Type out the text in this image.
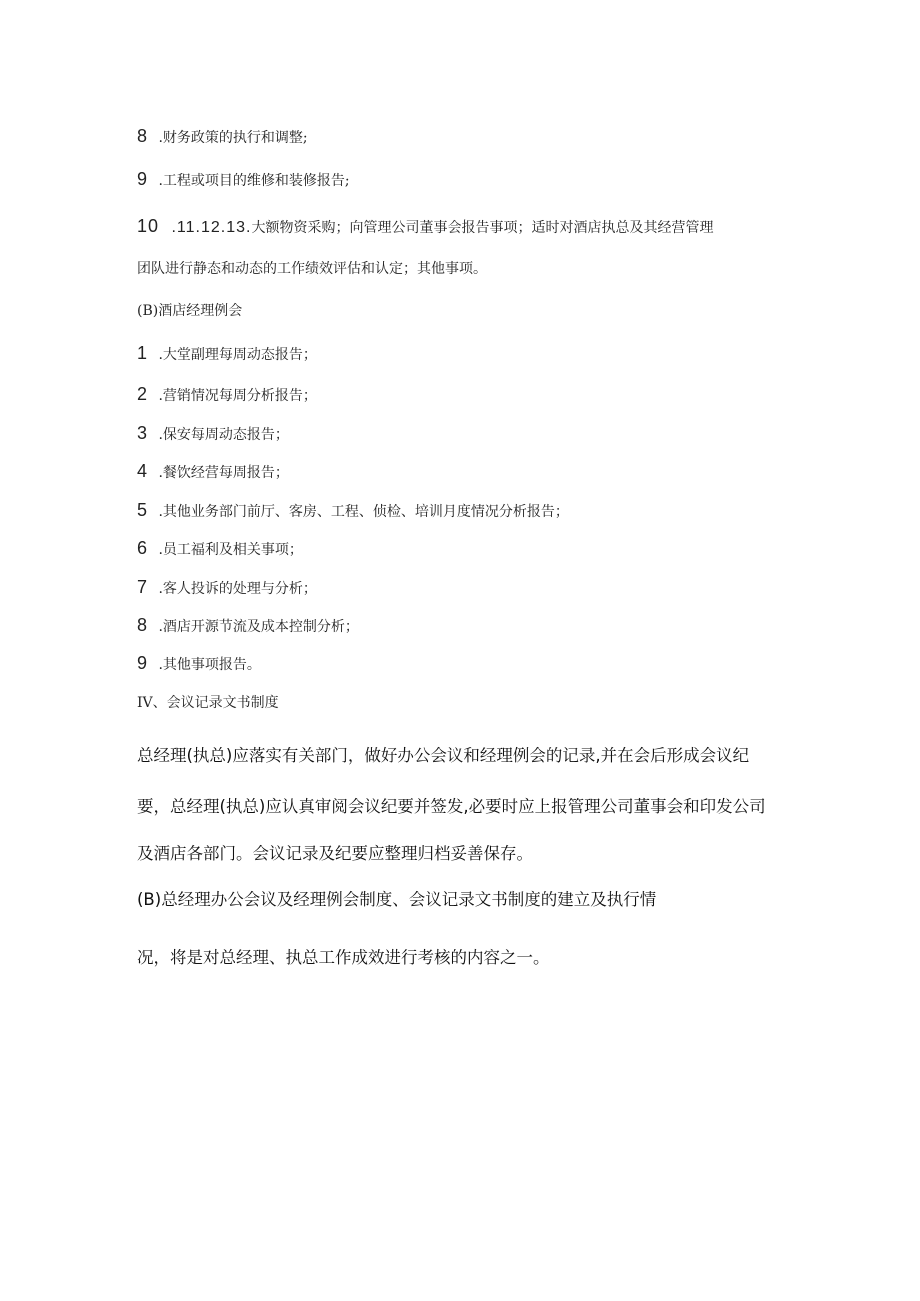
8 .财务政策的执行和调整;
9 .工程或项目的维修和装修报告;
10 .11.12.13.大额物资采购；向管理公司董事会报告事项；适时对酒店执总及其经营管理
团队进行静态和动态的工作绩效评估和认定；其他事项。
(B)酒店经理例会
1 .大堂副理每周动态报告；
2 .营销情况每周分析报告；
3 .保安每周动态报告；
4 .餐饮经营每周报告；
5 .其他业务部门前厅、客房、工程、侦检、培训月度情况分析报告；
6 .员工福利及相关事项；
7 .客人投诉的处理与分析；
8 .酒店开源节流及成本控制分析；
9 .其他事项报告。
IV、会议记录文书制度
总经理(执总)应落实有关部门，做好办公会议和经理例会的记录,并在会后形成会议纪
要，总经理(执总)应认真审阅会议纪要并签发,必要时应上报管理公司董事会和印发公司
及酒店各部门。会议记录及纪要应整理归档妥善保存。
(B)总经理办公会议及经理例会制度、会议记录文书制度的建立及执行情
况，将是对总经理、执总工作成效进行考核的内容之一。
